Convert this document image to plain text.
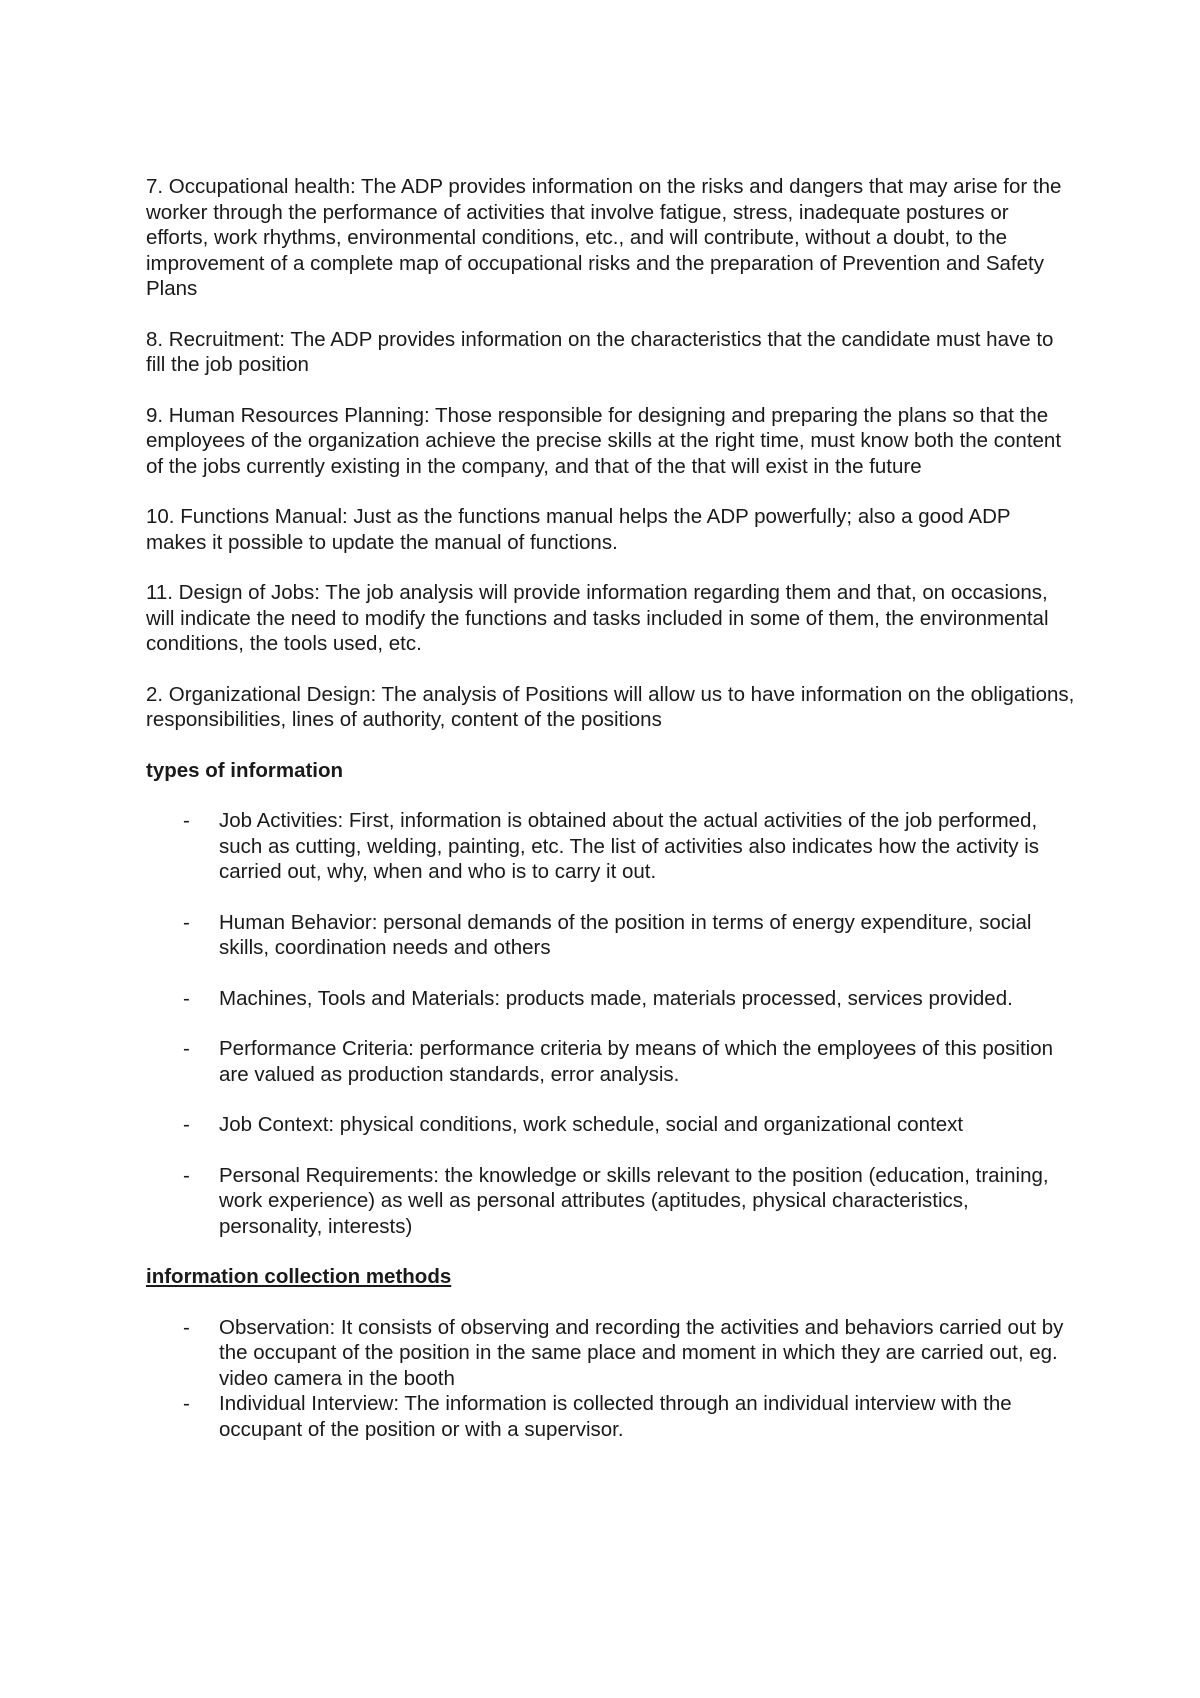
7. Occupational health: The ADP provides information on the risks and dangers that may arise for the worker through the performance of activities that involve fatigue, stress, inadequate postures or efforts, work rhythms, environmental conditions, etc., and will contribute, without a doubt, to the improvement of a complete map of occupational risks and the preparation of Prevention and Safety Plans

8. Recruitment: The ADP provides information on the characteristics that the candidate must have to fill the job position

9. Human Resources Planning: Those responsible for designing and preparing the plans so that the employees of the organization achieve the precise skills at the right time, must know both the content of the jobs currently existing in the company, and that of the that will exist in the future

10. Functions Manual: Just as the functions manual helps the ADP powerfully; also a good ADP makes it possible to update the manual of functions.

11. Design of Jobs: The job analysis will provide information regarding them and that, on occasions, will indicate the need to modify the functions and tasks included in some of them, the environmental conditions, the tools used, etc.

2. Organizational Design: The analysis of Positions will allow us to have information on the obligations, responsibilities, lines of authority, content of the positions

types of information
- Job Activities: First, information is obtained about the actual activities of the job performed, such as cutting, welding, painting, etc. The list of activities also indicates how the activity is carried out, why, when and who is to carry it out.
- Human Behavior: personal demands of the position in terms of energy expenditure, social skills, coordination needs and others
- Machines, Tools and Materials: products made, materials processed, services provided.
- Performance Criteria: performance criteria by means of which the employees of this position are valued as production standards, error analysis.
- Job Context: physical conditions, work schedule, social and organizational context
- Personal Requirements: the knowledge or skills relevant to the position (education, training, work experience) as well as personal attributes (aptitudes, physical characteristics, personality, interests)
information collection methods
- Observation: It consists of observing and recording the activities and behaviors carried out by the occupant of the position in the same place and moment in which they are carried out, eg. video camera in the booth
- Individual Interview: The information is collected through an individual interview with the occupant of the position or with a supervisor.
